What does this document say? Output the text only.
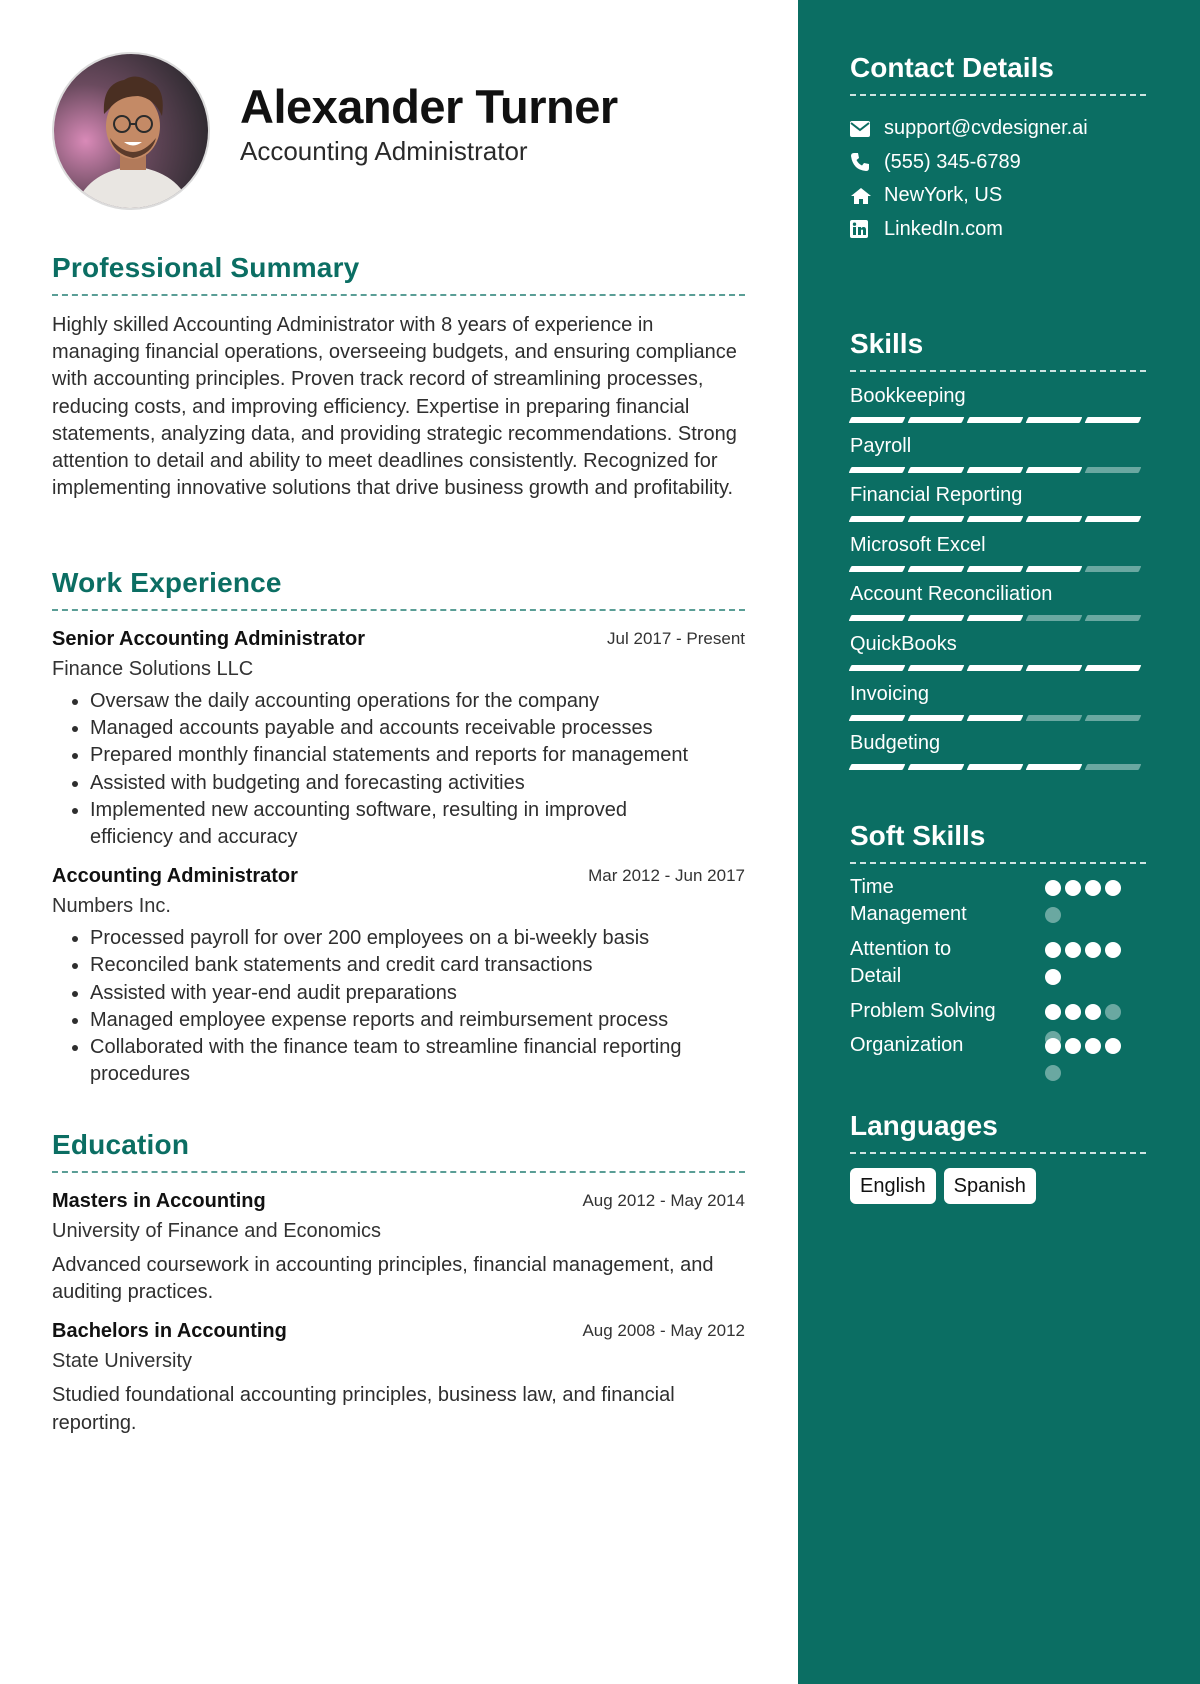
Alexander Turner
Accounting Administrator
Professional Summary

Highly skilled Accounting Administrator with 8 years of experience in managing financial operations, overseeing budgets, and ensuring compliance with accounting principles. Proven track record of streamlining processes, reducing costs, and improving efficiency. Expertise in preparing financial statements, analyzing data, and providing strategic recommendations. Strong attention to detail and ability to meet deadlines consistently. Recognized for implementing innovative solutions that drive business growth and profitability.

Work Experience
Senior Accounting Administrator	Jul 2017 - Present
Finance Solutions LLC
• Oversaw the daily accounting operations for the company
• Managed accounts payable and accounts receivable processes
• Prepared monthly financial statements and reports for management
• Assisted with budgeting and forecasting activities
• Implemented new accounting software, resulting in improved efficiency and accuracy
Accounting Administrator	Mar 2012 - Jun 2017
Numbers Inc.
• Processed payroll for over 200 employees on a bi-weekly basis
• Reconciled bank statements and credit card transactions
• Assisted with year-end audit preparations
• Managed employee expense reports and reimbursement process
• Collaborated with the finance team to streamline financial reporting procedures
Education
Masters in Accounting	Aug 2012 - May 2014
University of Finance and Economics
Advanced coursework in accounting principles, financial management, and auditing practices.
Bachelors in Accounting	Aug 2008 - May 2012
State University
Studied foundational accounting principles, business law, and financial reporting.
Contact Details
support@cvdesigner.ai
(555) 345-6789
NewYork, US
LinkedIn.com
Skills
Bookkeeping
Payroll
Financial Reporting
Microsoft Excel
Account Reconciliation
QuickBooks
Invoicing
Budgeting
Soft Skills
Time Management
Attention to Detail
Problem Solving
Organization
Languages
English	Spanish
